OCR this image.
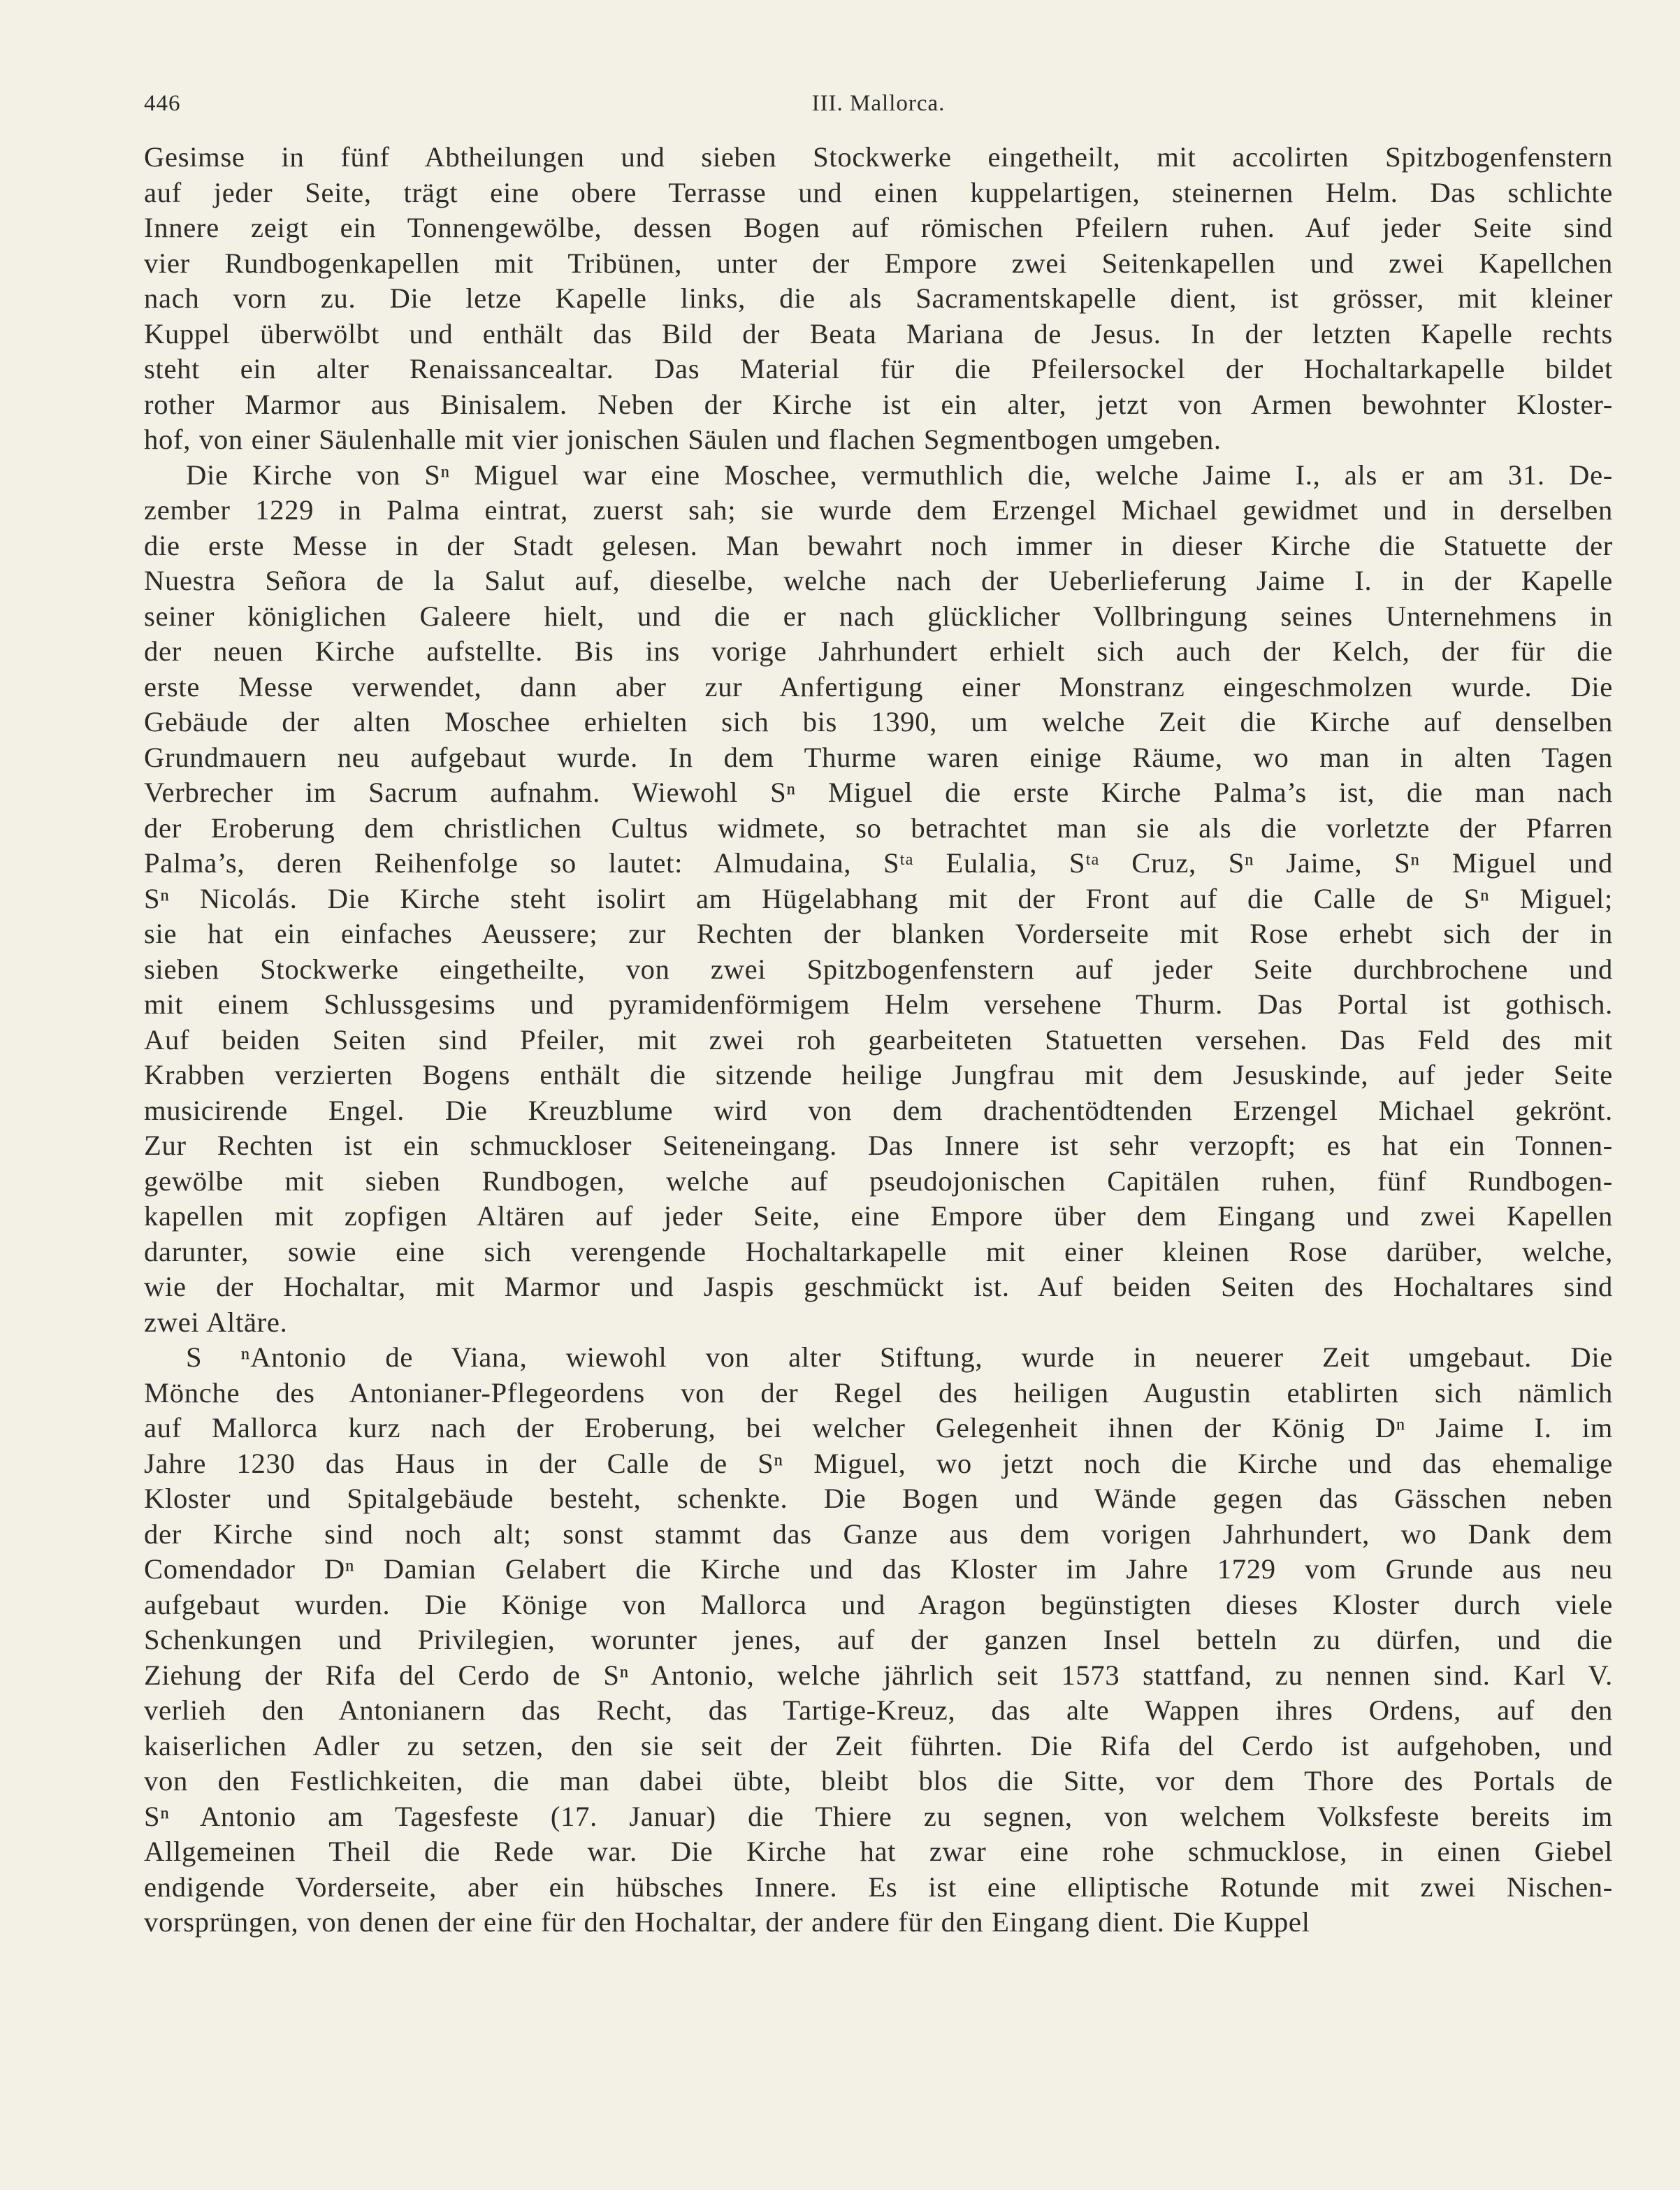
446	III. Mallorca.
Gesimse in fünf Abtheilungen und sieben Stockwerke eingetheilt, mit accolirten Spitzbogenfenstern
auf jeder Seite, trägt eine obere Terrasse und einen kuppelartigen, steinernen Helm. Das schlichte
Innere zeigt ein Tonnengewölbe, dessen Bogen auf römischen Pfeilern ruhen. Auf jeder Seite sind
vier Rundbogenkapellen mit Tribünen, unter der Empore zwei Seitenkapellen und zwei Kapellchen
nach vorn zu. Die letze Kapelle links, die als Sacramentskapelle dient, ist grösser, mit kleiner
Kuppel überwölbt und enthält das Bild der Beata Mariana de Jesus. In der letzten Kapelle rechts
steht ein alter Renaissancealtar. Das Material für die Pfeilersockel der Hochaltarkapelle bildet
rother Marmor aus Binisalem. Neben der Kirche ist ein alter, jetzt von Armen bewohnter Kloster-
hof, von einer Säulenhalle mit vier jonischen Säulen und flachen Segmentbogen umgeben.
Die Kirche von Sⁿ Miguel war eine Moschee, vermuthlich die, welche Jaime I., als er am 31. De-
zember 1229 in Palma eintrat, zuerst sah; sie wurde dem Erzengel Michael gewidmet und in derselben
die erste Messe in der Stadt gelesen. Man bewahrt noch immer in dieser Kirche die Statuette der
Nuestra Señora de la Salut auf, dieselbe, welche nach der Ueberlieferung Jaime I. in der Kapelle
seiner königlichen Galeere hielt, und die er nach glücklicher Vollbringung seines Unternehmens in
der neuen Kirche aufstellte. Bis ins vorige Jahrhundert erhielt sich auch der Kelch, der für die
erste Messe verwendet, dann aber zur Anfertigung einer Monstranz eingeschmolzen wurde. Die
Gebäude der alten Moschee erhielten sich bis 1390, um welche Zeit die Kirche auf denselben
Grundmauern neu aufgebaut wurde. In dem Thurme waren einige Räume, wo man in alten Tagen
Verbrecher im Sacrum aufnahm. Wiewohl Sⁿ Miguel die erste Kirche Palma’s ist, die man nach
der Eroberung dem christlichen Cultus widmete, so betrachtet man sie als die vorletzte der Pfarren
Palma’s, deren Reihenfolge so lautet: Almudaina, Sᵗᵃ Eulalia, Sᵗᵃ Cruz, Sⁿ Jaime, Sⁿ Miguel und
Sⁿ Nicolás. Die Kirche steht isolirt am Hügelabhang mit der Front auf die Calle de Sⁿ Miguel;
sie hat ein einfaches Aeussere; zur Rechten der blanken Vorderseite mit Rose erhebt sich der in
sieben Stockwerke eingetheilte, von zwei Spitzbogenfenstern auf jeder Seite durchbrochene und
mit einem Schlussgesims und pyramidenförmigem Helm versehene Thurm. Das Portal ist gothisch.
Auf beiden Seiten sind Pfeiler, mit zwei roh gearbeiteten Statuetten versehen. Das Feld des mit
Krabben verzierten Bogens enthält die sitzende heilige Jungfrau mit dem Jesuskinde, auf jeder Seite
musicirende Engel. Die Kreuzblume wird von dem drachentödtenden Erzengel Michael gekrönt.
Zur Rechten ist ein schmuckloser Seiteneingang. Das Innere ist sehr verzopft; es hat ein Tonnen-
gewölbe mit sieben Rundbogen, welche auf pseudojonischen Capitälen ruhen, fünf Rundbogen-
kapellen mit zopfigen Altären auf jeder Seite, eine Empore über dem Eingang und zwei Kapellen
darunter, sowie eine sich verengende Hochaltarkapelle mit einer kleinen Rose darüber, welche,
wie der Hochaltar, mit Marmor und Jaspis geschmückt ist. Auf beiden Seiten des Hochaltares sind
zwei Altäre.
S ⁿAntonio de Viana, wiewohl von alter Stiftung, wurde in neuerer Zeit umgebaut. Die
Mönche des Antonianer-Pflegeordens von der Regel des heiligen Augustin etablirten sich nämlich
auf Mallorca kurz nach der Eroberung, bei welcher Gelegenheit ihnen der König Dⁿ Jaime I. im
Jahre 1230 das Haus in der Calle de Sⁿ Miguel, wo jetzt noch die Kirche und das ehemalige
Kloster und Spitalgebäude besteht, schenkte. Die Bogen und Wände gegen das Gässchen neben
der Kirche sind noch alt; sonst stammt das Ganze aus dem vorigen Jahrhundert, wo Dank dem
Comendador Dⁿ Damian Gelabert die Kirche und das Kloster im Jahre 1729 vom Grunde aus neu
aufgebaut wurden. Die Könige von Mallorca und Aragon begünstigten dieses Kloster durch viele
Schenkungen und Privilegien, worunter jenes, auf der ganzen Insel betteln zu dürfen, und die
Ziehung der Rifa del Cerdo de Sⁿ Antonio, welche jährlich seit 1573 stattfand, zu nennen sind. Karl V.
verlieh den Antonianern das Recht, das Tartige-Kreuz, das alte Wappen ihres Ordens, auf den
kaiserlichen Adler zu setzen, den sie seit der Zeit führten. Die Rifa del Cerdo ist aufgehoben, und
von den Festlichkeiten, die man dabei übte, bleibt blos die Sitte, vor dem Thore des Portals de
Sⁿ Antonio am Tagesfeste (17. Januar) die Thiere zu segnen, von welchem Volksfeste bereits im
Allgemeinen Theil die Rede war. Die Kirche hat zwar eine rohe schmucklose, in einen Giebel
endigende Vorderseite, aber ein hübsches Innere. Es ist eine elliptische Rotunde mit zwei Nischen-
vorsprüngen, von denen der eine für den Hochaltar, der andere für den Eingang dient. Die Kuppel
